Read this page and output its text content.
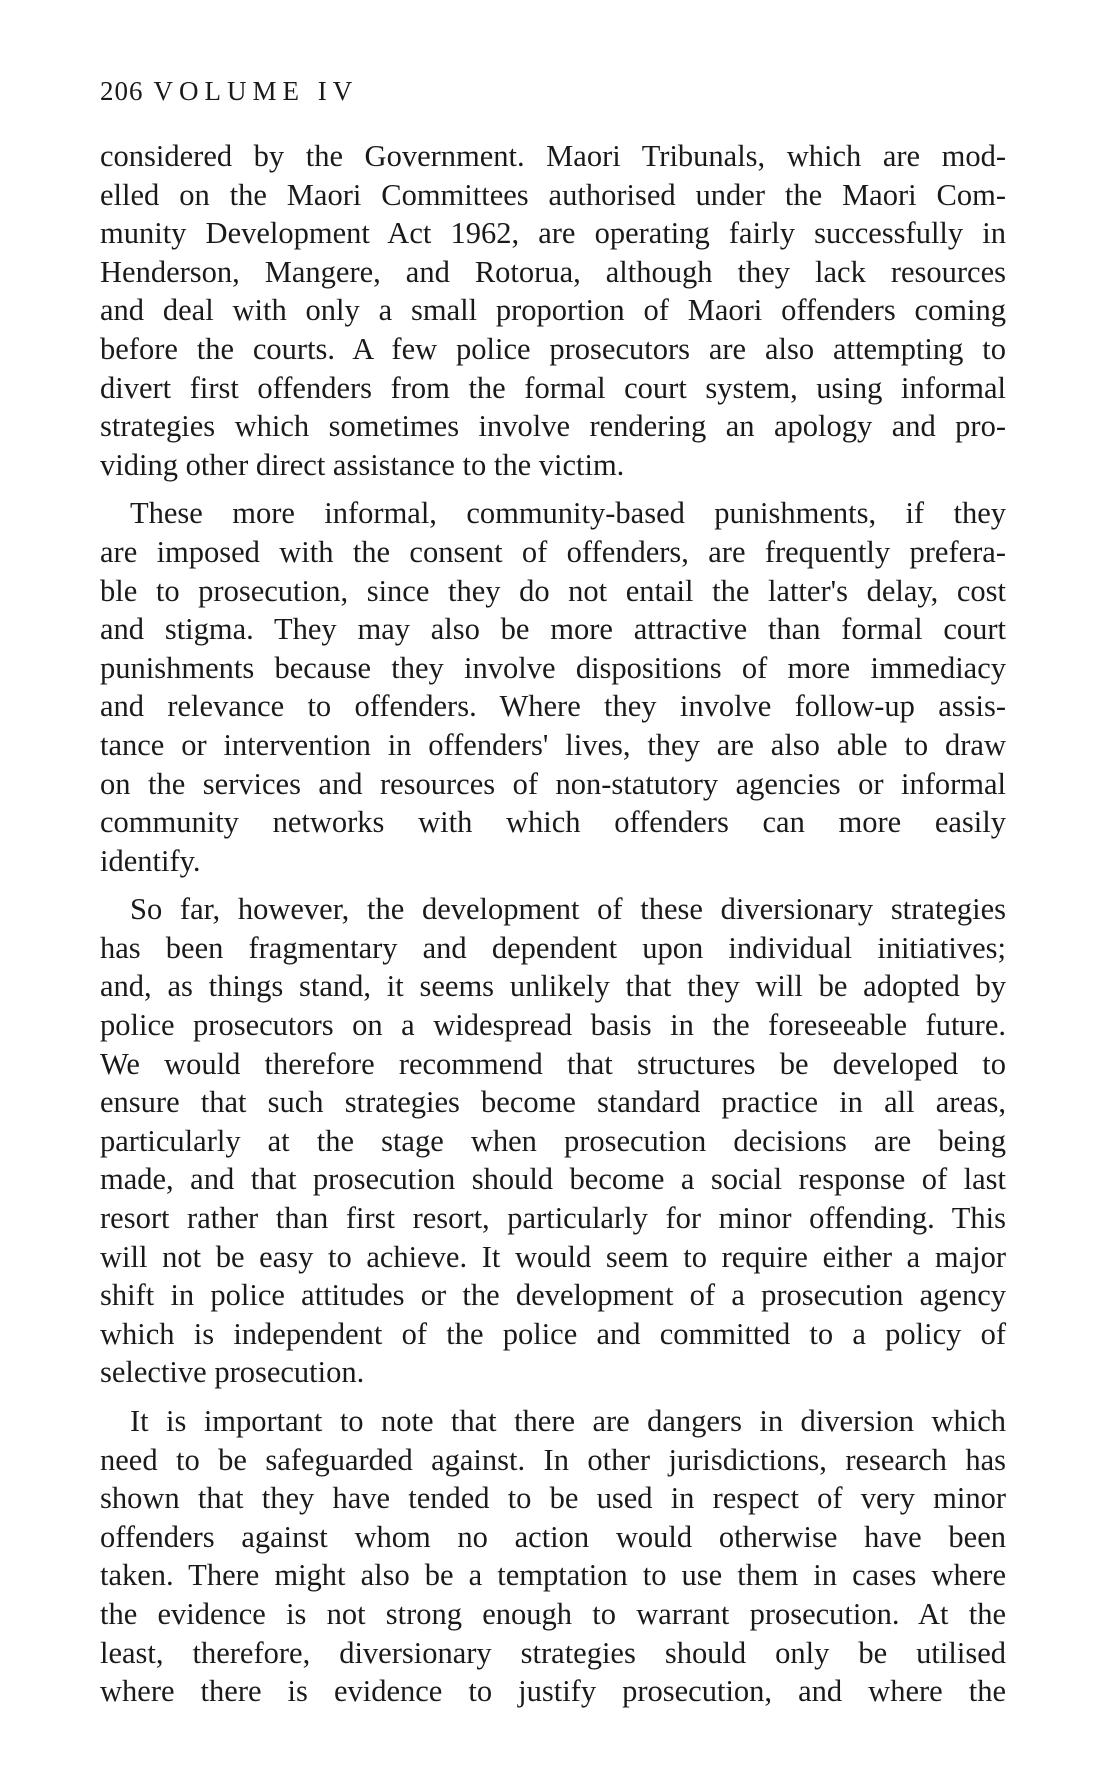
206 VOLUME IV
considered by the Government. Maori Tribunals, which are mod-
elled on the Maori Committees authorised under the Maori Com-
munity Development Act 1962, are operating fairly successfully in
Henderson, Mangere, and Rotorua, although they lack resources
and deal with only a small proportion of Maori offenders coming
before the courts. A few police prosecutors are also attempting to
divert first offenders from the formal court system, using informal
strategies which sometimes involve rendering an apology and pro-
viding other direct assistance to the victim.
These more informal, community-based punishments, if they
are imposed with the consent of offenders, are frequently prefera-
ble to prosecution, since they do not entail the latter's delay, cost
and stigma. They may also be more attractive than formal court
punishments because they involve dispositions of more immediacy
and relevance to offenders. Where they involve follow-up assis-
tance or intervention in offenders' lives, they are also able to draw
on the services and resources of non-statutory agencies or informal
community networks with which offenders can more easily
identify.
So far, however, the development of these diversionary strategies
has been fragmentary and dependent upon individual initiatives;
and, as things stand, it seems unlikely that they will be adopted by
police prosecutors on a widespread basis in the foreseeable future.
We would therefore recommend that structures be developed to
ensure that such strategies become standard practice in all areas,
particularly at the stage when prosecution decisions are being
made, and that prosecution should become a social response of last
resort rather than first resort, particularly for minor offending. This
will not be easy to achieve. It would seem to require either a major
shift in police attitudes or the development of a prosecution agency
which is independent of the police and committed to a policy of
selective prosecution.
It is important to note that there are dangers in diversion which
need to be safeguarded against. In other jurisdictions, research has
shown that they have tended to be used in respect of very minor
offenders against whom no action would otherwise have been
taken. There might also be a temptation to use them in cases where
the evidence is not strong enough to warrant prosecution. At the
least, therefore, diversionary strategies should only be utilised
where there is evidence to justify prosecution, and where the
